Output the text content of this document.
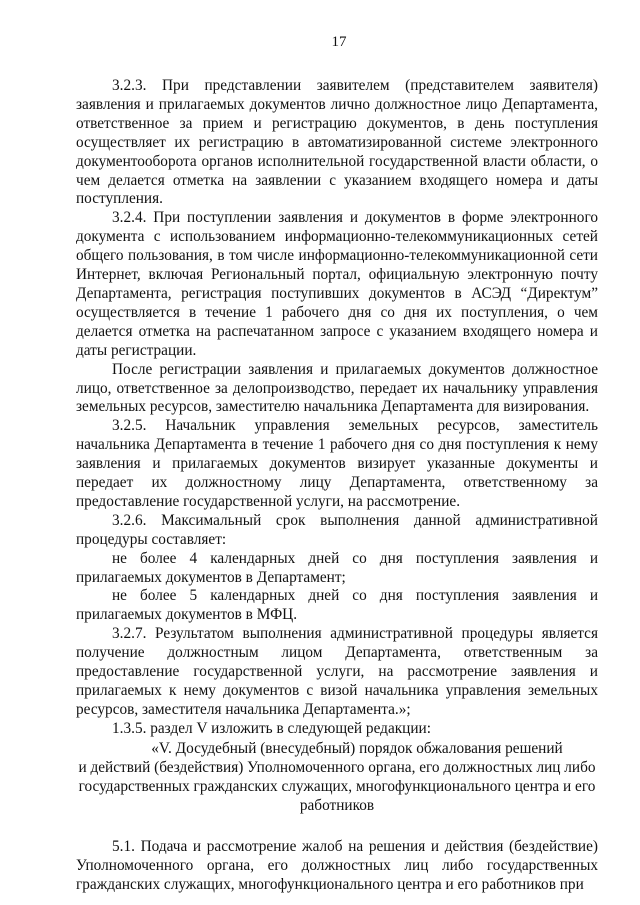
17

3.2.3. При представлении заявителем (представителем заявителя) заявления и прилагаемых документов лично должностное лицо Департамента, ответственное за прием и регистрацию документов, в день поступления осуществляет их регистрацию в автоматизированной системе электронного документооборота органов исполнительной государственной власти области, о чем делается отметка на заявлении с указанием входящего номера и даты поступления.

3.2.4. При поступлении заявления и документов в форме электронного документа с использованием информационно-телекоммуникационных сетей общего пользования, в том числе информационно-телекоммуникационной сети Интернет, включая Региональный портал, официальную электронную почту Департамента, регистрация поступивших документов в АСЭД “Директум” осуществляется в течение 1 рабочего дня со дня их поступления, о чем делается отметка на распечатанном запросе с указанием входящего номера и даты регистрации.

После регистрации заявления и прилагаемых документов должностное лицо, ответственное за делопроизводство, передает их начальнику управления земельных ресурсов, заместителю начальника Департамента для визирования.

3.2.5. Начальник управления земельных ресурсов, заместитель начальника Департамента в течение 1 рабочего дня со дня поступления к нему заявления и прилагаемых документов визирует указанные документы и передает их должностному лицу Департамента, ответственному за предоставление государственной услуги, на рассмотрение.

3.2.6. Максимальный срок выполнения данной административной процедуры составляет:

не более 4 календарных дней со дня поступления заявления и прилагаемых документов в Департамент;

не более 5 календарных дней со дня поступления заявления и прилагаемых документов в МФЦ.

3.2.7. Результатом выполнения административной процедуры является получение должностным лицом Департамента, ответственным за предоставление государственной услуги, на рассмотрение заявления и прилагаемых к нему документов с визой начальника управления земельных ресурсов, заместителя начальника Департамента.»;

1.3.5. раздел V изложить в следующей редакции:

«V. Досудебный (внесудебный) порядок обжалования решений

и действий (бездействия) Уполномоченного органа, его должностных лиц либо государственных гражданских служащих, многофункционального центра и его работников

5.1. Подача и рассмотрение жалоб на решения и действия (бездействие) Уполномоченного органа, его должностных лиц либо государственных гражданских служащих, многофункционального центра и его работников при
